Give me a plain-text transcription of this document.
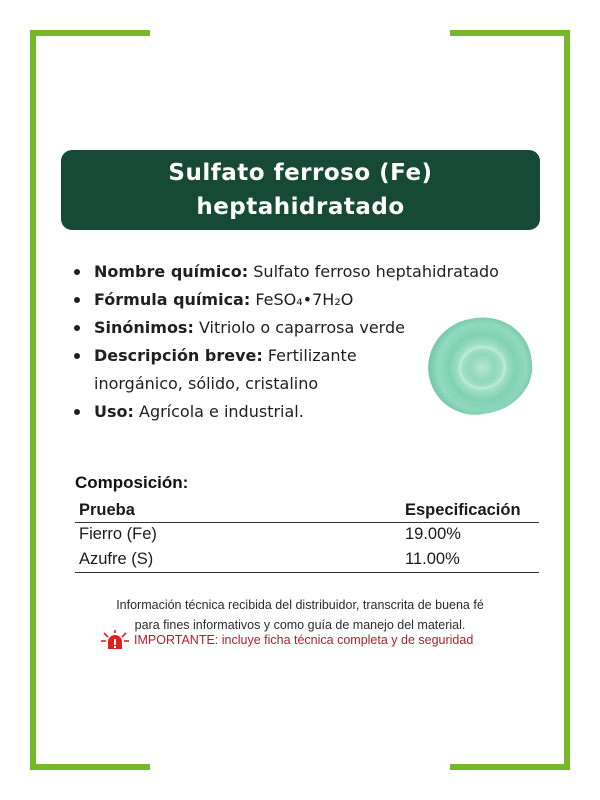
Sulfato ferroso (Fe)
heptahidratado
Nombre químico: Sulfato ferroso heptahidratado
Fórmula química: FeSO₄•7H₂O
Sinónimos: Vitriolo o caparrosa verde
Descripción breve: Fertilizante inorgánico, sólido, cristalino
Uso: Agrícola e industrial.
Composición:
Prueba	Especificación
Fierro (Fe)	19.00%
Azufre (S)	11.00%
Información técnica recibida del distribuidor, transcrita de buena fé
para fines informativos y como guía de manejo del material.
IMPORTANTE: incluye ficha técnica completa y de seguridad
